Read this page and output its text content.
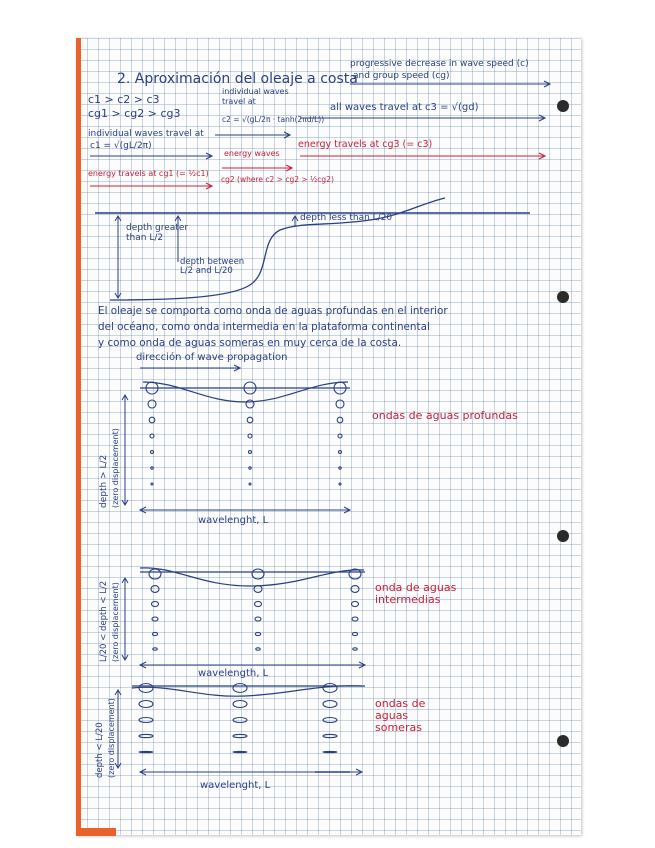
2. Aproximación del oleaje a costa
progressive decrease in wave speed (c)
and group speed (cg)
c1 > c2 > c3
cg1 > cg2 > cg3
individual waves
travel at
c2 = √(gL/2π · tanh(2πd/L))
all waves travel at c3 = √(gd)
individual waves travel at
c1 = √(gL/2π)
energy waves
energy travels at cg3 (= c3)
energy travels at cg1 (= ½c1)
cg2 (where c2 > cg2 > ½cg2)
depth greater than L/2
depth between L/2 and L/20
depth less than L/20
El oleaje se comporta como onda de aguas profundas en el interior
del océano, como onda intermedia en la plataforma continental
y como onda de aguas someras en muy cerca de la costa.
dirección of wave propagation
depth > L/2 (zero displacement)
wavelenght, L
ondas de aguas profundas
L/20 < depth < L/2 (zero displacement)
wavelength, L
onda de aguas intermedias
depth < L/20 (zero displacement)
wavelenght, L
ondas de aguas someras
